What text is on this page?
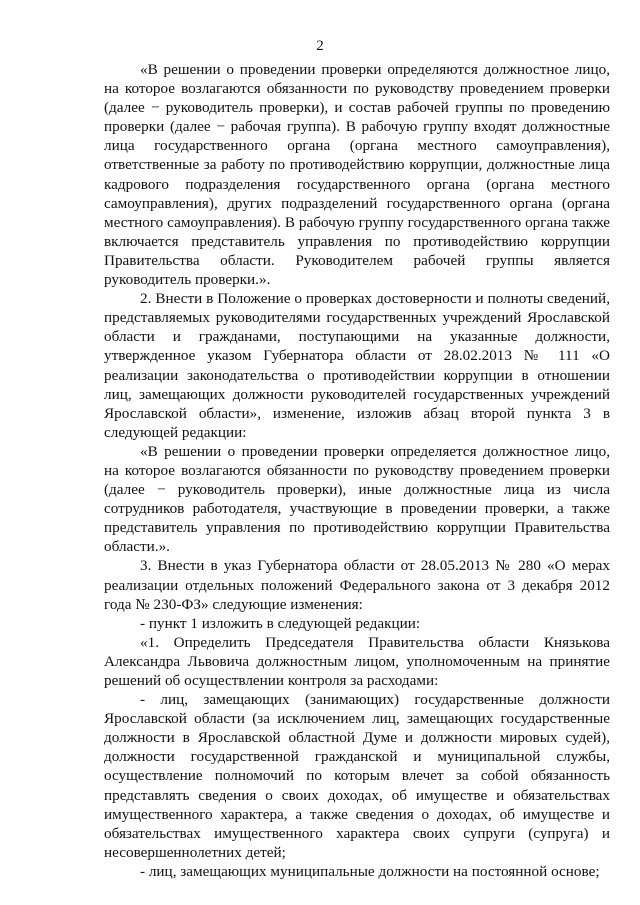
2

«В решении о проведении проверки определяются должностное лицо, на которое возлагаются обязанности по руководству проведением проверки (далее − руководитель проверки), и состав рабочей группы по проведению проверки (далее − рабочая группа). В рабочую группу входят должностные лица государственного органа (органа местного самоуправления), ответственные за работу по противодействию коррупции, должностные лица кадрового подразделения государственного органа (органа местного самоуправления), других подразделений государственного органа (органа местного самоуправления). В рабочую группу государственного органа также включается представитель управления по противодействию коррупции Правительства области. Руководителем рабочей группы является руководитель проверки.».

2. Внести в Положение о проверках достоверности и полноты сведений, представляемых руководителями государственных учреждений Ярославской области и гражданами, поступающими на указанные должности, утвержденное указом Губернатора области от 28.02.2013 № 111 «О реализации законодательства о противодействии коррупции в отношении лиц, замещающих должности руководителей государственных учреждений Ярославской области», изменение, изложив абзац второй пункта 3 в следующей редакции:

«В решении о проведении проверки определяется должностное лицо, на которое возлагаются обязанности по руководству проведением проверки (далее − руководитель проверки), иные должностные лица из числа сотрудников работодателя, участвующие в проведении проверки, а также представитель управления по противодействию коррупции Правительства области.».

3. Внести в указ Губернатора области от 28.05.2013 № 280 «О мерах реализации отдельных положений Федерального закона от 3 декабря 2012 года № 230-ФЗ» следующие изменения:

- пункт 1 изложить в следующей редакции:

«1. Определить Председателя Правительства области Князькова Александра Львовича должностным лицом, уполномоченным на принятие решений об осуществлении контроля за расходами:

- лиц, замещающих (занимающих) государственные должности Ярославской области (за исключением лиц, замещающих государственные должности в Ярославской областной Думе и должности мировых судей), должности государственной гражданской и муниципальной службы, осуществление полномочий по которым влечет за собой обязанность представлять сведения о своих доходах, об имуществе и обязательствах имущественного характера, а также сведения о доходах, об имуществе и обязательствах имущественного характера своих супруги (супруга) и несовершеннолетних детей;

- лиц, замещающих муниципальные должности на постоянной основе;
